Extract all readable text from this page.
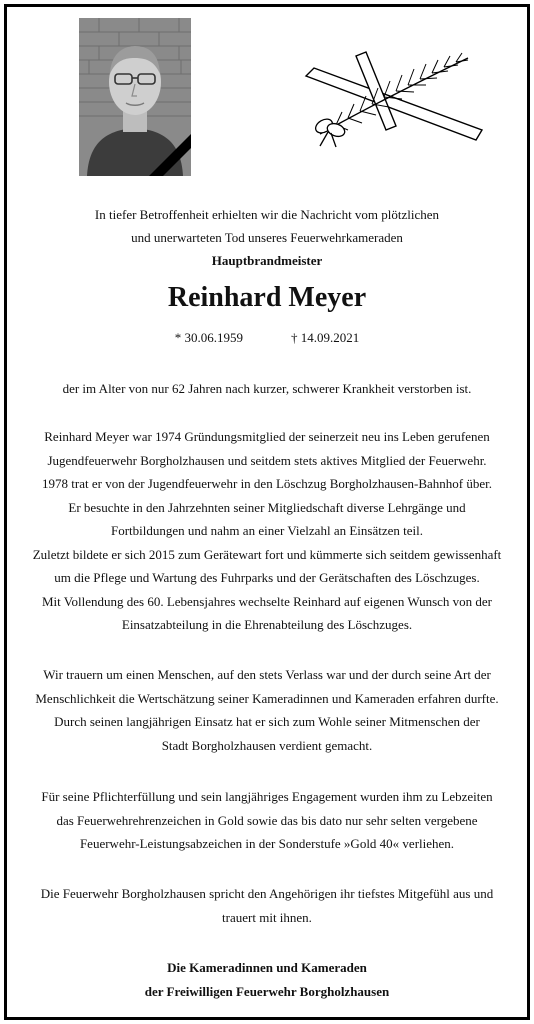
In tiefer Betroffenheit erhielten wir die Nachricht vom plötzlichen

und unerwarteten Tod unseres Feuerwehrkameraden

Hauptbrandmeister

Reinhard Meyer

* 30.06.1959	† 14.09.2021

der im Alter von nur 62 Jahren nach kurzer, schwerer Krankheit verstorben ist.

Reinhard Meyer war 1974 Gründungsmitglied der seinerzeit neu ins Leben gerufenen

Jugendfeuerwehr Borgholzhausen und seitdem stets aktives Mitglied der Feuerwehr.

1978 trat er von der Jugendfeuerwehr in den Löschzug Borgholzhausen-Bahnhof über.

Er besuchte in den Jahrzehnten seiner Mitgliedschaft diverse Lehrgänge und

Fortbildungen und nahm an einer Vielzahl an Einsätzen teil.

Zuletzt bildete er sich 2015 zum Gerätewart fort und kümmerte sich seitdem gewissenhaft

um die Pflege und Wartung des Fuhrparks und der Gerätschaften des Löschzuges.

Mit Vollendung des 60. Lebensjahres wechselte Reinhard auf eigenen Wunsch von der

Einsatzabteilung in die Ehrenabteilung des Löschzuges.

Wir trauern um einen Menschen, auf den stets Verlass war und der durch seine Art der

Menschlichkeit die Wertschätzung seiner Kameradinnen und Kameraden erfahren durfte.

Durch seinen langjährigen Einsatz hat er sich zum Wohle seiner Mitmenschen der

Stadt Borgholzhausen verdient gemacht.

Für seine Pflichterfüllung und sein langjähriges Engagement wurden ihm zu Lebzeiten

das Feuerwehrehrenzeichen in Gold sowie das bis dato nur sehr selten vergebene

Feuerwehr-Leistungsabzeichen in der Sonderstufe »Gold 40« verliehen.

Die Feuerwehr Borgholzhausen spricht den Angehörigen ihr tiefstes Mitgefühl aus und

trauert mit ihnen.

Die Kameradinnen und Kameraden

der Freiwilligen Feuerwehr Borgholzhausen
